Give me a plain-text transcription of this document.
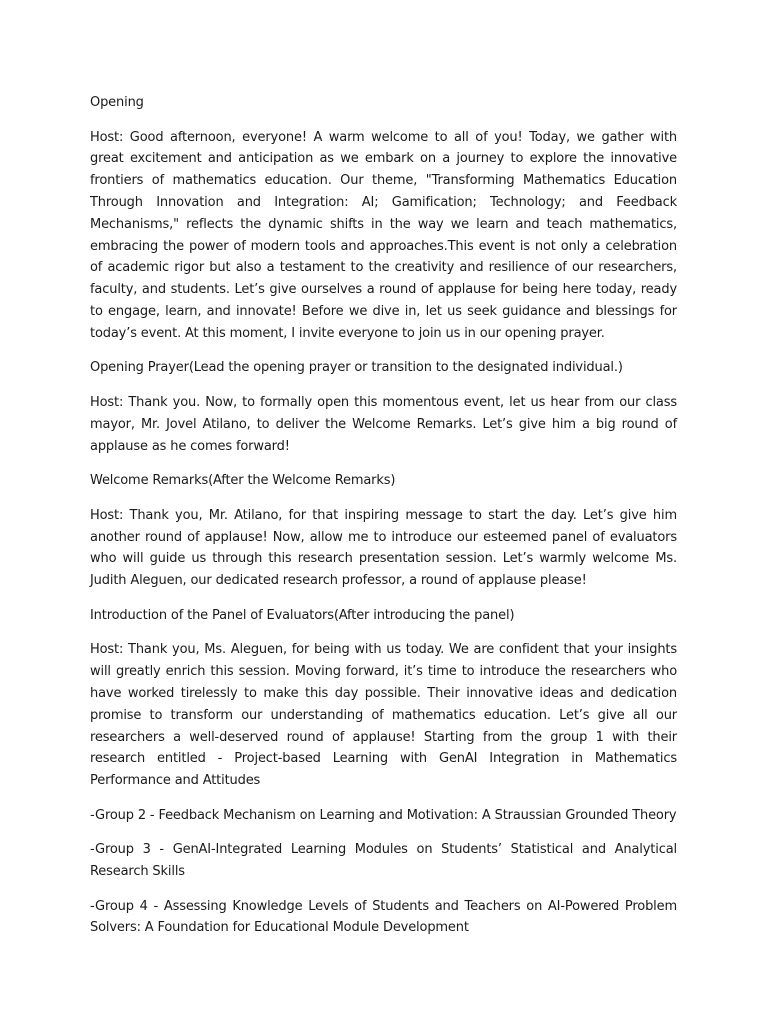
Opening

Host: Good afternoon, everyone! A warm welcome to all of you! Today, we gather with great excitement and anticipation as we embark on a journey to explore the innovative frontiers of mathematics education. Our theme, "Transforming Mathematics Education Through Innovation and Integration: AI; Gamification; Technology; and Feedback Mechanisms," reflects the dynamic shifts in the way we learn and teach mathematics, embracing the power of modern tools and approaches.This event is not only a celebration of academic rigor but also a testament to the creativity and resilience of our researchers, faculty, and students. Let’s give ourselves a round of applause for being here today, ready to engage, learn, and innovate! Before we dive in, let us seek guidance and blessings for today’s event. At this moment, I invite everyone to join us in our opening prayer.

Opening Prayer(Lead the opening prayer or transition to the designated individual.)

Host: Thank you. Now, to formally open this momentous event, let us hear from our class mayor, Mr. Jovel Atilano, to deliver the Welcome Remarks. Let’s give him a big round of applause as he comes forward!

Welcome Remarks(After the Welcome Remarks)

Host: Thank you, Mr. Atilano, for that inspiring message to start the day. Let’s give him another round of applause! Now, allow me to introduce our esteemed panel of evaluators who will guide us through this research presentation session. Let’s warmly welcome Ms. Judith Aleguen, our dedicated research professor, a round of applause please!

Introduction of the Panel of Evaluators(After introducing the panel)

Host: Thank you, Ms. Aleguen, for being with us today. We are confident that your insights will greatly enrich this session. Moving forward, it’s time to introduce the researchers who have worked tirelessly to make this day possible. Their innovative ideas and dedication promise to transform our understanding of mathematics education. Let’s give all our researchers a well-deserved round of applause! Starting from the group 1 with their research entitled - Project-based Learning with GenAI Integration in Mathematics Performance and Attitudes

-Group 2 - Feedback Mechanism on Learning and Motivation: A Straussian Grounded Theory

-Group 3 - GenAI-Integrated Learning Modules on Students’ Statistical and Analytical Research Skills

-Group 4 - Assessing Knowledge Levels of Students and Teachers on AI-Powered Problem Solvers: A Foundation for Educational Module Development
